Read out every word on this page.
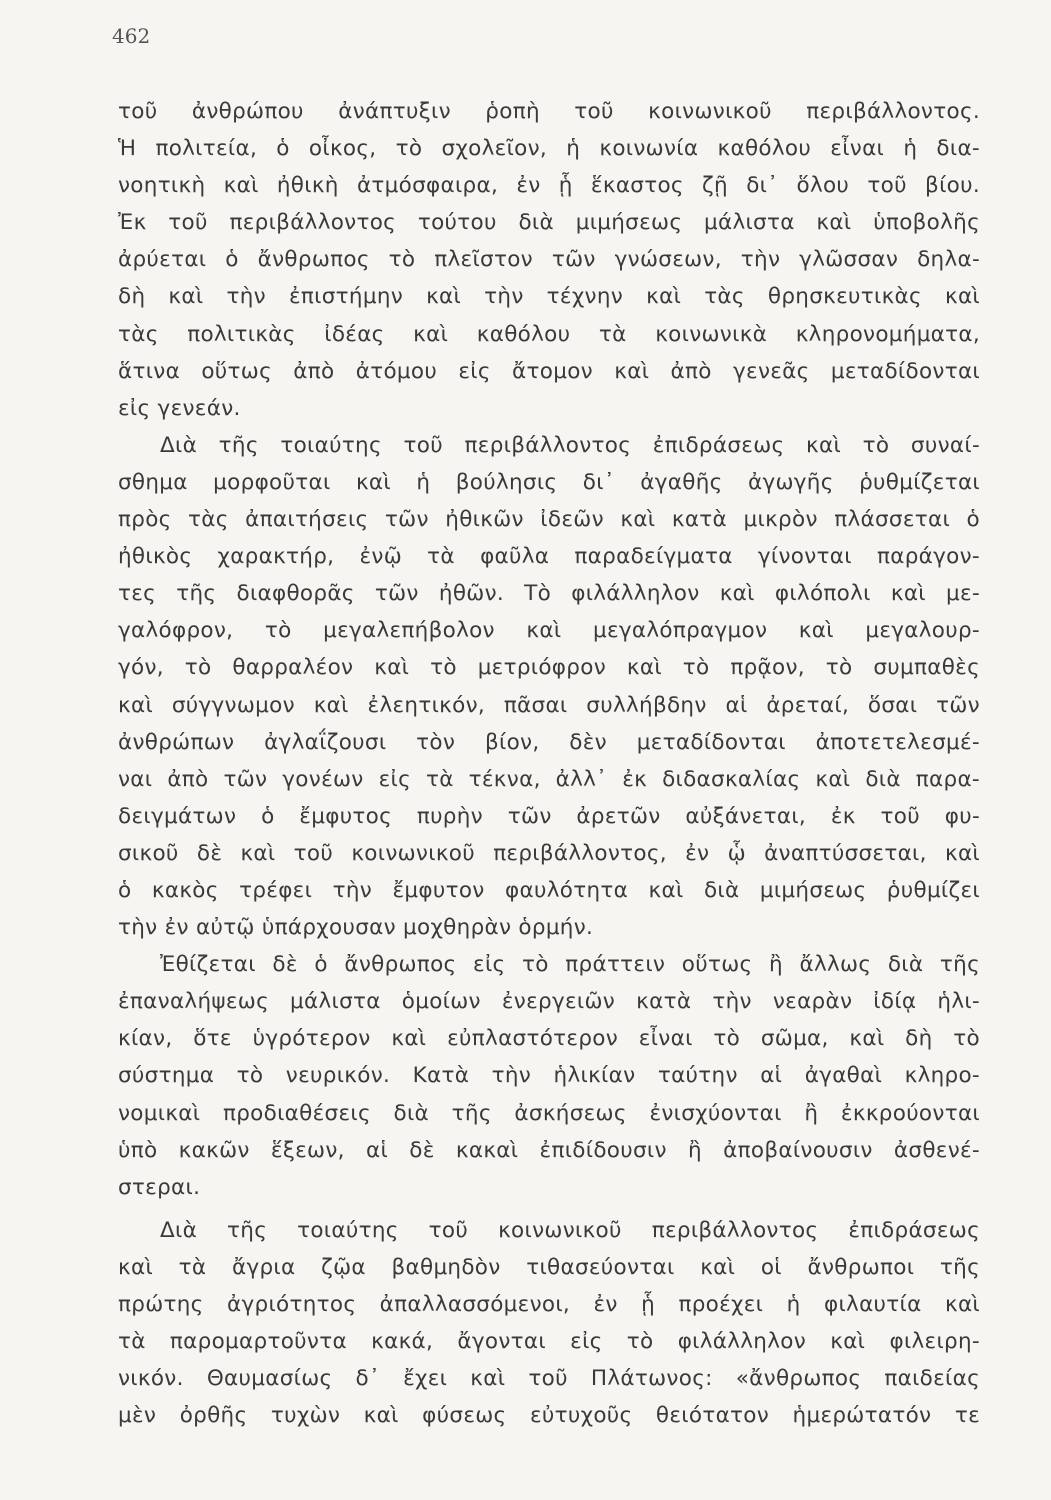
462
τοῦ ἀνθρώπου ἀνάπτυξιν ῥοπὴ τοῦ κοινωνικοῦ περιβάλλοντος.
Ἡ πολιτεία, ὁ οἶκος, τὸ σχολεῖον, ἡ κοινωνία καθόλου εἶναι ἡ δια-
νοητικὴ καὶ ἠθικὴ ἀτμόσφαιρα, ἐν ᾗ ἕκαστος ζῇ δι᾽ ὅλου τοῦ βίου.
Ἐκ τοῦ περιβάλλοντος τούτου διὰ μιμήσεως μάλιστα καὶ ὑποβολῆς
ἀρύεται ὁ ἄνθρωπος τὸ πλεῖστον τῶν γνώσεων, τὴν γλῶσσαν δηλα-
δὴ καὶ τὴν ἐπιστήμην καὶ τὴν τέχνην καὶ τὰς θρησκευτικὰς καὶ
τὰς πολιτικὰς ἰδέας καὶ καθόλου τὰ κοινωνικὰ κληρονομήματα,
ἅτινα οὕτως ἀπὸ ἀτόμου εἰς ἄτομον καὶ ἀπὸ γενεᾶς μεταδίδονται
εἰς γενεάν.
Διὰ τῆς τοιαύτης τοῦ περιβάλλοντος ἐπιδράσεως καὶ τὸ συναί-
σθημα μορφοῦται καὶ ἡ βούλησις δι᾽ ἀγαθῆς ἀγωγῆς ῥυθμίζεται
πρὸς τὰς ἀπαιτήσεις τῶν ἠθικῶν ἰδεῶν καὶ κατὰ μικρὸν πλάσσεται ὁ
ἠθικὸς χαρακτήρ, ἐνῷ τὰ φαῦλα παραδείγματα γίνονται παράγον-
τες τῆς διαφθορᾶς τῶν ἠθῶν. Τὸ φιλάλληλον καὶ φιλόπολι καὶ με-
γαλόφρον, τὸ μεγαλεπήβολον καὶ μεγαλόπραγμον καὶ μεγαλουρ-
γόν, τὸ θαρραλέον καὶ τὸ μετριόφρον καὶ τὸ πρᾷον, τὸ συμπαθὲς
καὶ σύγγνωμον καὶ ἐλεητικόν, πᾶσαι συλλήβδην αἱ ἀρεταί, ὅσαι τῶν
ἀνθρώπων ἀγλαΐζουσι τὸν βίον, δὲν μεταδίδονται ἀποτετελεσμέ-
ναι ἀπὸ τῶν γονέων εἰς τὰ τέκνα, ἀλλ᾽ ἐκ διδασκαλίας καὶ διὰ παρα-
δειγμάτων ὁ ἔμφυτος πυρὴν τῶν ἀρετῶν αὐξάνεται, ἐκ τοῦ φυ-
σικοῦ δὲ καὶ τοῦ κοινωνικοῦ περιβάλλοντος, ἐν ᾧ ἀναπτύσσεται, καὶ
ὁ κακὸς τρέφει τὴν ἔμφυτον φαυλότητα καὶ διὰ μιμήσεως ῥυθμίζει
τὴν ἐν αὐτῷ ὑπάρχουσαν μοχθηρὰν ὁρμήν.
Ἐθίζεται δὲ ὁ ἄνθρωπος εἰς τὸ πράττειν οὕτως ἢ ἄλλως διὰ τῆς
ἐπαναλήψεως μάλιστα ὁμοίων ἐνεργειῶν κατὰ τὴν νεαρὰν ἰδίᾳ ἡλι-
κίαν, ὅτε ὑγρότερον καὶ εὐπλαστότερον εἶναι τὸ σῶμα, καὶ δὴ τὸ
σύστημα τὸ νευρικόν. Κατὰ τὴν ἡλικίαν ταύτην αἱ ἀγαθαὶ κληρο-
νομικαὶ προδιαθέσεις διὰ τῆς ἀσκήσεως ἐνισχύονται ἢ ἐκκρούονται
ὑπὸ κακῶν ἕξεων, αἱ δὲ κακαὶ ἐπιδίδουσιν ἢ ἀποβαίνουσιν ἀσθενέ-
στεραι.
Διὰ τῆς τοιαύτης τοῦ κοινωνικοῦ περιβάλλοντος ἐπιδράσεως
καὶ τὰ ἄγρια ζῷα βαθμηδὸν τιθασεύονται καὶ οἱ ἄνθρωποι τῆς
πρώτης ἀγριότητος ἀπαλλασσόμενοι, ἐν ᾗ προέχει ἡ φιλαυτία καὶ
τὰ παρομαρτοῦντα κακά, ἄγονται εἰς τὸ φιλάλληλον καὶ φιλειρη-
νικόν. Θαυμασίως δ᾽ ἔχει καὶ τοῦ Πλάτωνος: «ἄνθρωπος παιδείας
μὲν ὀρθῆς τυχὼν καὶ φύσεως εὐτυχοῦς θειότατον ἡμερώτατόν τε
